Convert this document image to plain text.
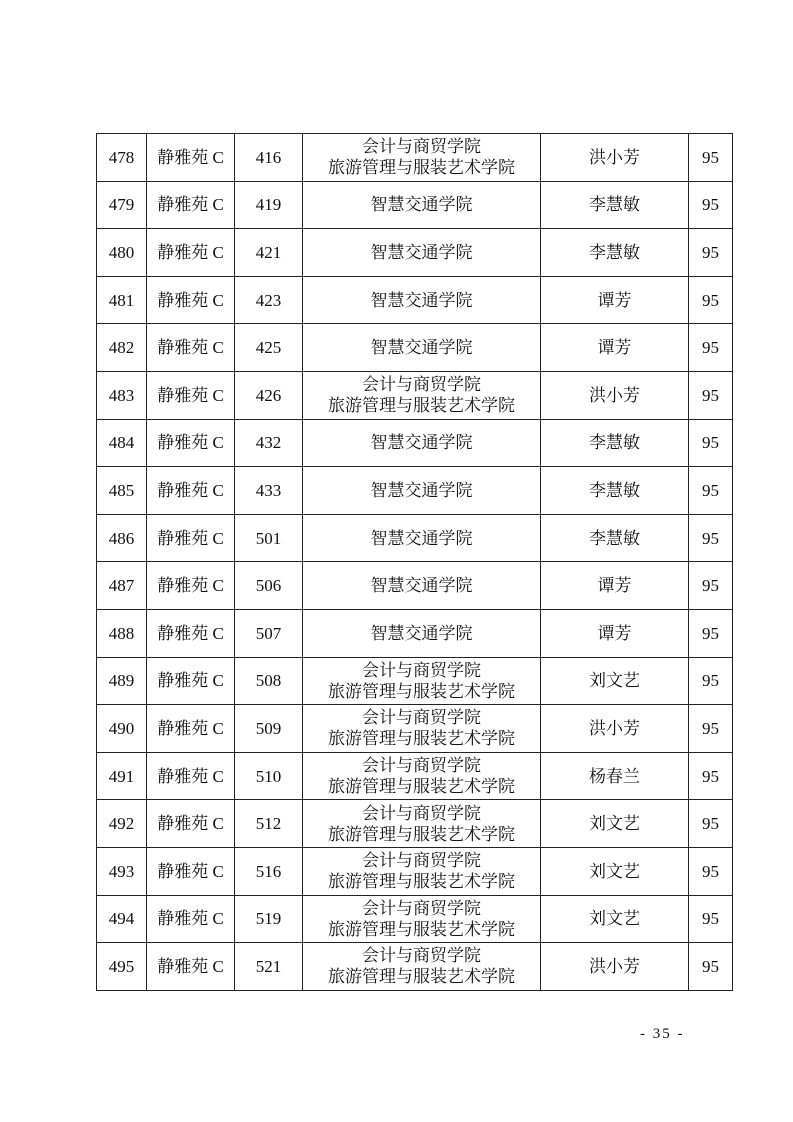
478	静雅苑 C	416	会计与商贸学院
旅游管理与服装艺术学院	洪小芳	95
479	静雅苑 C	419	智慧交通学院	李慧敏	95
480	静雅苑 C	421	智慧交通学院	李慧敏	95
481	静雅苑 C	423	智慧交通学院	谭芳	95
482	静雅苑 C	425	智慧交通学院	谭芳	95
483	静雅苑 C	426	会计与商贸学院
旅游管理与服装艺术学院	洪小芳	95
484	静雅苑 C	432	智慧交通学院	李慧敏	95
485	静雅苑 C	433	智慧交通学院	李慧敏	95
486	静雅苑 C	501	智慧交通学院	李慧敏	95
487	静雅苑 C	506	智慧交通学院	谭芳	95
488	静雅苑 C	507	智慧交通学院	谭芳	95
489	静雅苑 C	508	会计与商贸学院
旅游管理与服装艺术学院	刘文艺	95
490	静雅苑 C	509	会计与商贸学院
旅游管理与服装艺术学院	洪小芳	95
491	静雅苑 C	510	会计与商贸学院
旅游管理与服装艺术学院	杨春兰	95
492	静雅苑 C	512	会计与商贸学院
旅游管理与服装艺术学院	刘文艺	95
493	静雅苑 C	516	会计与商贸学院
旅游管理与服装艺术学院	刘文艺	95
494	静雅苑 C	519	会计与商贸学院
旅游管理与服装艺术学院	刘文艺	95
495	静雅苑 C	521	会计与商贸学院
旅游管理与服装艺术学院	洪小芳	95
- 35 -
